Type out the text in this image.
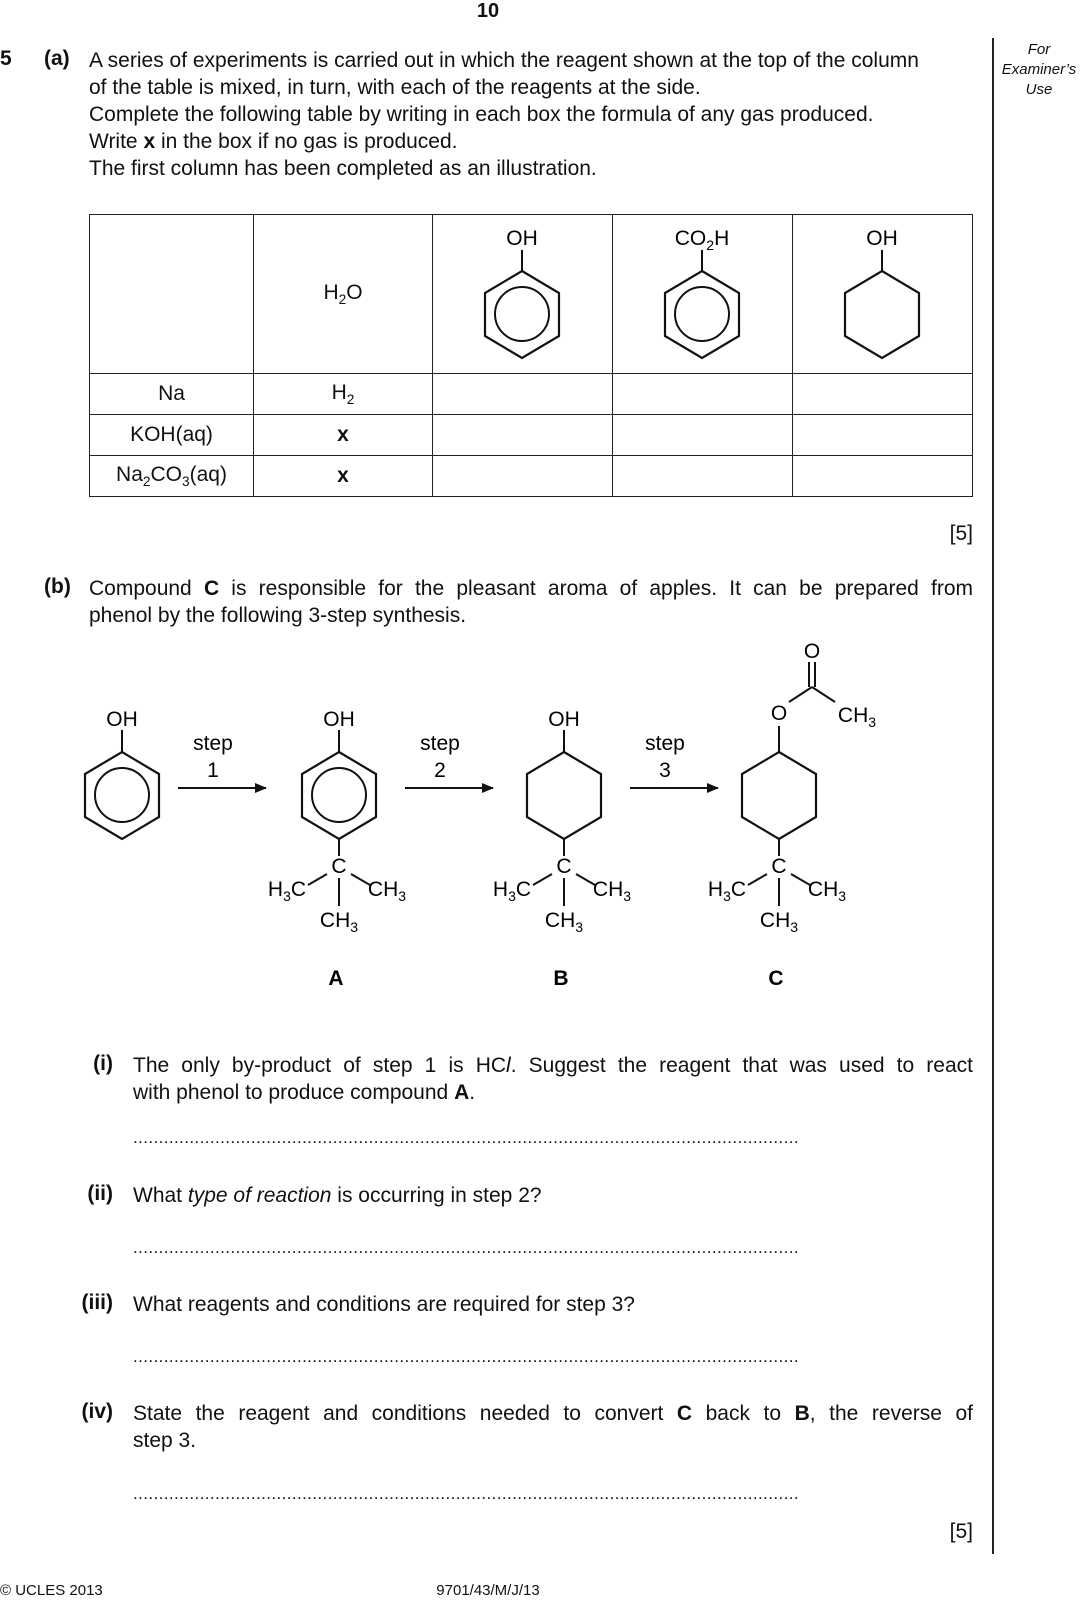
10
For
Examiner’s
Use
5 (a) A series of experiments is carried out in which the reagent shown at the top of the column
of the table is mixed, in turn, with each of the reagents at the side.
Complete the following table by writing in each box the formula of any gas produced.
Write x in the box if no gas is produced.
The first column has been completed as an illustration.
	$H_2O$	OH	$CO_2H$	OH

Na	$H_2$			
KOH(aq)	x			
$Na_2CO_3(aq)$	x			
[5]
(b) Compound C is responsible for the pleasant aroma of apples. It can be prepared from
phenol by the following 3-step synthesis.
OH
step
1
OH
C
$H_3C$	$CH_3$
$CH_3$
A
step
2
OH
C
$H_3C$	$CH_3$
$CH_3$
B
step
3
O
O $CH_3$
C
$H_3C$	$CH_3$
$CH_3$
C
(i) The only by-product of step 1 is HCl. Suggest the reagent that was used to react
with phenol to produce compound A.
..................................................................................................................................
(ii) What type of reaction is occurring in step 2?
..................................................................................................................................
(iii) What reagents and conditions are required for step 3?
..................................................................................................................................
(iv) State the reagent and conditions needed to convert C back to B, the reverse of
step 3.
..................................................................................................................................
[5]
© UCLES 2013	9701/43/M/J/13
